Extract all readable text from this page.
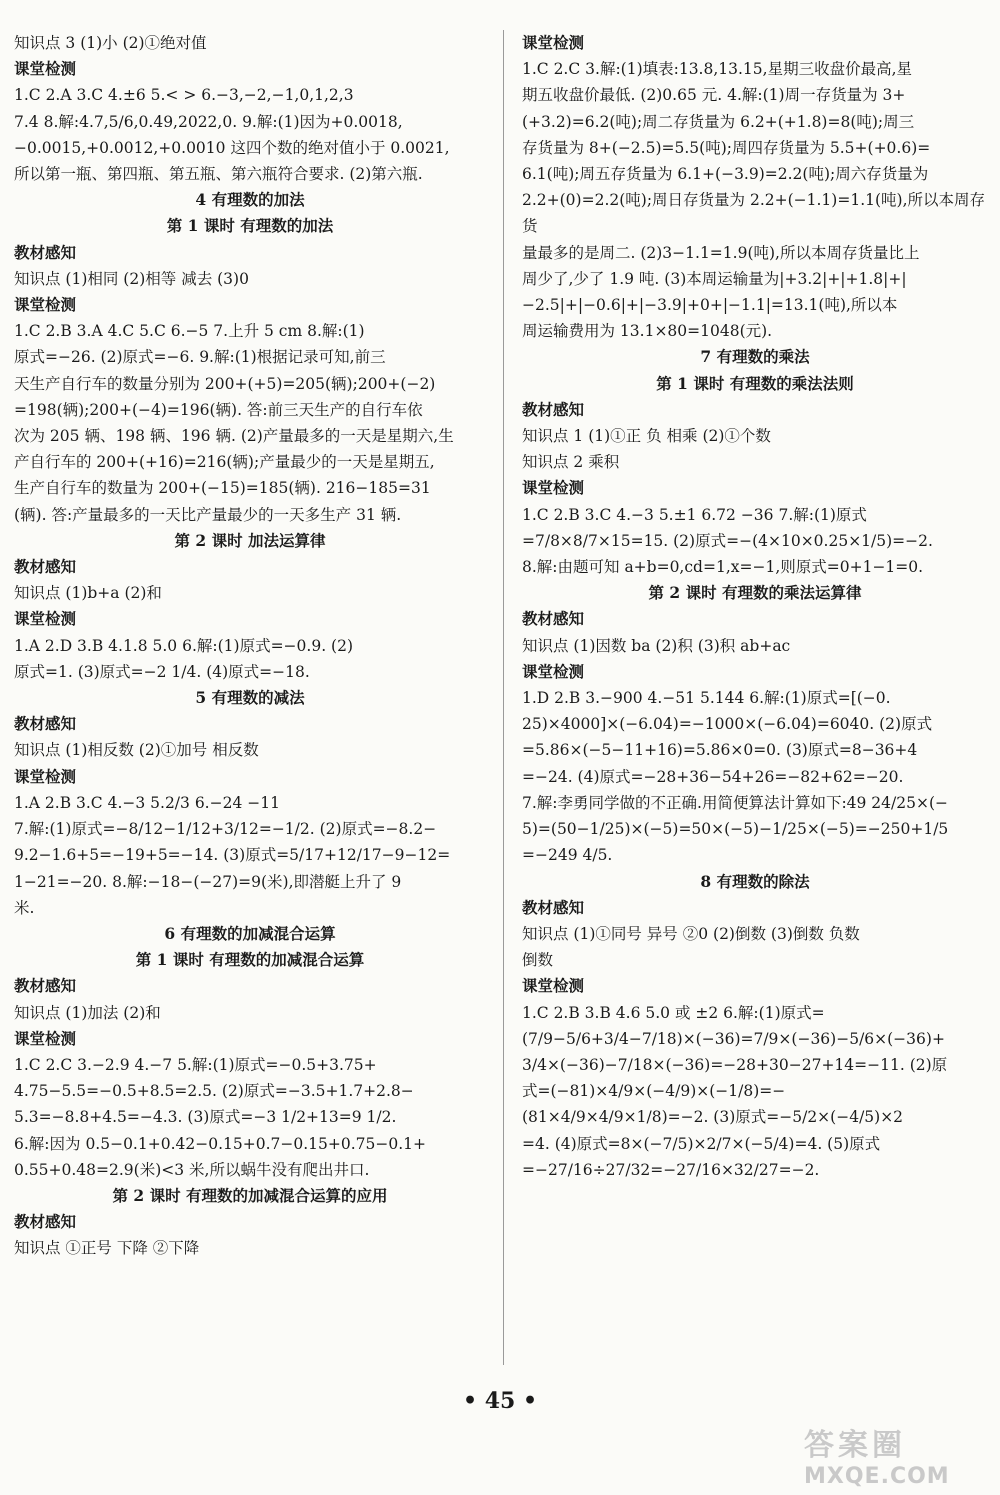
知识点 3 (1)小 (2)①绝对值
课堂检测
1.C 2.A 3.C 4.±6 5.< > 6.−3,−2,−1,0,1,2,3
7.4 8.解:4.7,5/6,0.49,2022,0. 9.解:(1)因为+0.0018,
−0.0015,+0.0012,+0.0010 这四个数的绝对值小于 0.0021,
所以第一瓶、第四瓶、第五瓶、第六瓶符合要求. (2)第六瓶.
4 有理数的加法
第 1 课时 有理数的加法
教材感知
知识点 (1)相同 (2)相等 减去 (3)0
课堂检测
1.C 2.B 3.A 4.C 5.C 6.−5 7.上升 5 cm 8.解:(1)
原式=−26. (2)原式=−6. 9.解:(1)根据记录可知,前三
天生产自行车的数量分别为 200+(+5)=205(辆);200+(−2)
=198(辆);200+(−4)=196(辆). 答:前三天生产的自行车依
次为 205 辆、198 辆、196 辆. (2)产量最多的一天是星期六,生
产自行车的 200+(+16)=216(辆);产量最少的一天是星期五,
生产自行车的数量为 200+(−15)=185(辆). 216−185=31
(辆). 答:产量最多的一天比产量最少的一天多生产 31 辆.
第 2 课时 加法运算律
教材感知
知识点 (1)b+a (2)和
课堂检测
1.A 2.D 3.B 4.1.8 5.0 6.解:(1)原式=−0.9. (2)
原式=1. (3)原式=−2 1/4. (4)原式=−18.
5 有理数的减法
教材感知
知识点 (1)相反数 (2)①加号 相反数
课堂检测
1.A 2.B 3.C 4.−3 5.2/3 6.−24 −11
7.解:(1)原式=−8/12−1/12+3/12=−1/2. (2)原式=−8.2−
9.2−1.6+5=−19+5=−14. (3)原式=5/17+12/17−9−12=
1−21=−20. 8.解:−18−(−27)=9(米),即潜艇上升了 9
米.
6 有理数的加减混合运算
第 1 课时 有理数的加减混合运算
教材感知
知识点 (1)加法 (2)和
课堂检测
1.C 2.C 3.−2.9 4.−7 5.解:(1)原式=−0.5+3.75+
4.75−5.5=−0.5+8.5=2.5. (2)原式=−3.5+1.7+2.8−
5.3=−8.8+4.5=−4.3. (3)原式=−3 1/2+13=9 1/2.
6.解:因为 0.5−0.1+0.42−0.15+0.7−0.15+0.75−0.1+
0.55+0.48=2.9(米)<3 米,所以蜗牛没有爬出井口.
第 2 课时 有理数的加减混合运算的应用
教材感知
知识点 ①正号 下降 ②下降
课堂检测
1.C 2.C 3.解:(1)填表:13.8,13.15,星期三收盘价最高,星
期五收盘价最低. (2)0.65 元. 4.解:(1)周一存货量为 3+
(+3.2)=6.2(吨);周二存货量为 6.2+(+1.8)=8(吨);周三
存货量为 8+(−2.5)=5.5(吨);周四存货量为 5.5+(+0.6)=
6.1(吨);周五存货量为 6.1+(−3.9)=2.2(吨);周六存货量为
2.2+(0)=2.2(吨);周日存货量为 2.2+(−1.1)=1.1(吨),所以本周存货
量最多的是周二. (2)3−1.1=1.9(吨),所以本周存货量比上
周少了,少了 1.9 吨. (3)本周运输量为|+3.2|+|+1.8|+|
−2.5|+|−0.6|+|−3.9|+0+|−1.1|=13.1(吨),所以本
周运输费用为 13.1×80=1048(元).
7 有理数的乘法
第 1 课时 有理数的乘法法则
教材感知
知识点 1 (1)①正 负 相乘 (2)①个数
知识点 2 乘积
课堂检测
1.C 2.B 3.C 4.−3 5.±1 6.72 −36 7.解:(1)原式
=7/8×8/7×15=15. (2)原式=−(4×10×0.25×1/5)=−2.
8.解:由题可知 a+b=0,cd=1,x=−1,则原式=0+1−1=0.
第 2 课时 有理数的乘法运算律
教材感知
知识点 (1)因数 ba (2)积 (3)积 ab+ac
课堂检测
1.D 2.B 3.−900 4.−51 5.144 6.解:(1)原式=[(−0.
25)×4000]×(−6.04)=−1000×(−6.04)=6040. (2)原式
=5.86×(−5−11+16)=5.86×0=0. (3)原式=8−36+4
=−24. (4)原式=−28+36−54+26=−82+62=−20.
7.解:李勇同学做的不正确.用简便算法计算如下:49 24/25×(−
5)=(50−1/25)×(−5)=50×(−5)−1/25×(−5)=−250+1/5
=−249 4/5.
8 有理数的除法
教材感知
知识点 (1)①同号 异号 ②0 (2)倒数 (3)倒数 负数
倒数
课堂检测
1.C 2.B 3.B 4.6 5.0 或 ±2 6.解:(1)原式=
(7/9−5/6+3/4−7/18)×(−36)=7/9×(−36)−5/6×(−36)+
3/4×(−36)−7/18×(−36)=−28+30−27+14=−11. (2)原
式=(−81)×4/9×(−4/9)×(−1/8)=−
(81×4/9×4/9×1/8)=−2. (3)原式=−5/2×(−4/5)×2
=4. (4)原式=8×(−7/5)×2/7×(−5/4)=4. (5)原式
=−27/16÷27/32=−27/16×32/27=−2.
• 45 •
答案圈
MXQE.COM
